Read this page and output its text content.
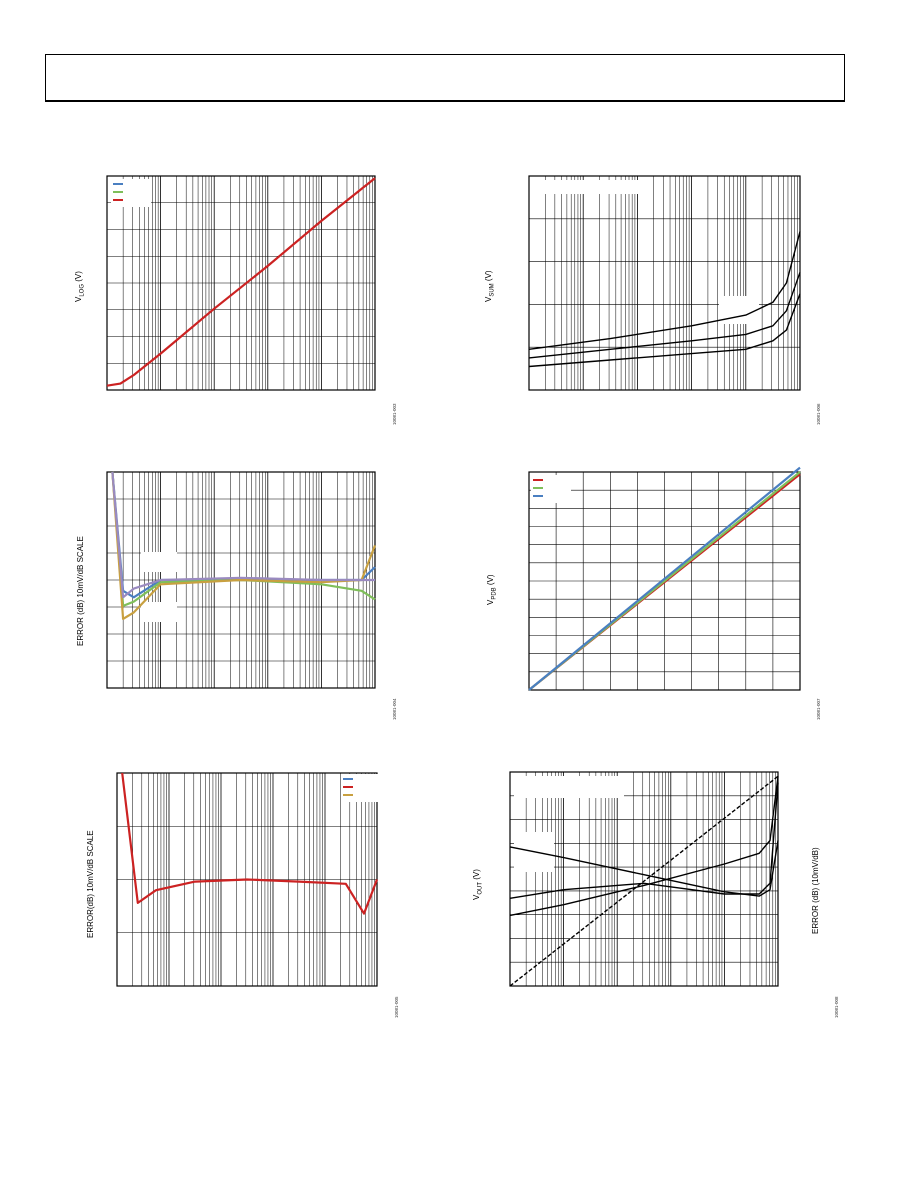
$V_{LOG}$ (V)
10081-003
$V_{SUM}$ (V)
10081-006
ERROR (dB) 10mV/dB SCALE
10081-004
$V_{PDB}$ (V)
10081-007
ERROR(dB) 10mV/dB SCALE
10081-005
$V_{OUT}$ (V)	ERROR (dB) (10mV/dB)
10081-008
